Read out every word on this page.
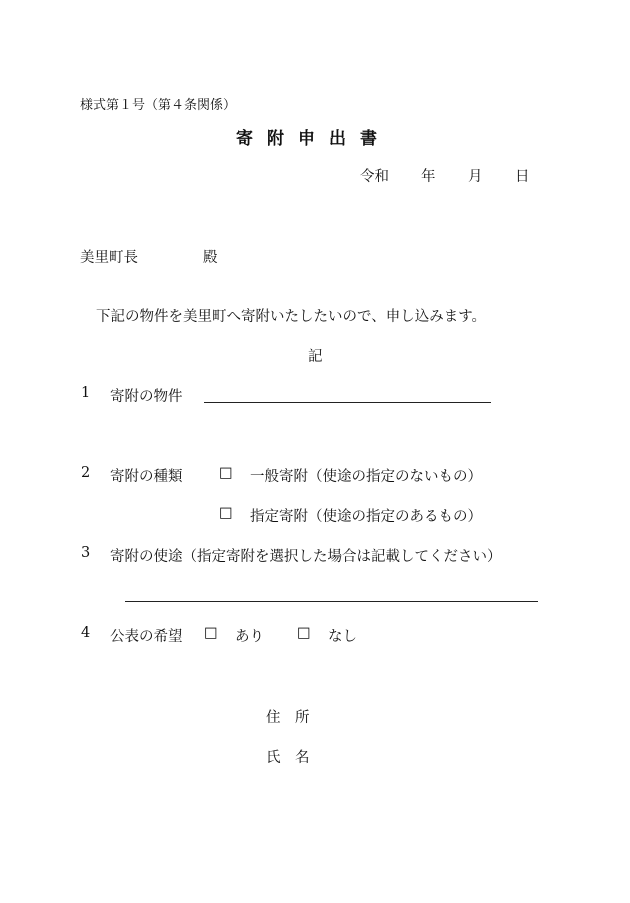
様式第１号（第４条関係）
寄 附 申 出 書
令和 年 月 日
美里町長	殿
下記の物件を美里町へ寄附いたしたいので、申し込みます。
記
1 寄附の物件
2 寄附の種類	□ 一般寄附（使途の指定のないもの）
□ 指定寄附（使途の指定のあるもの）
3 寄附の使途（指定寄附を選択した場合は記載してください）
4 公表の希望 □ あり □ なし
住　所
氏　名
